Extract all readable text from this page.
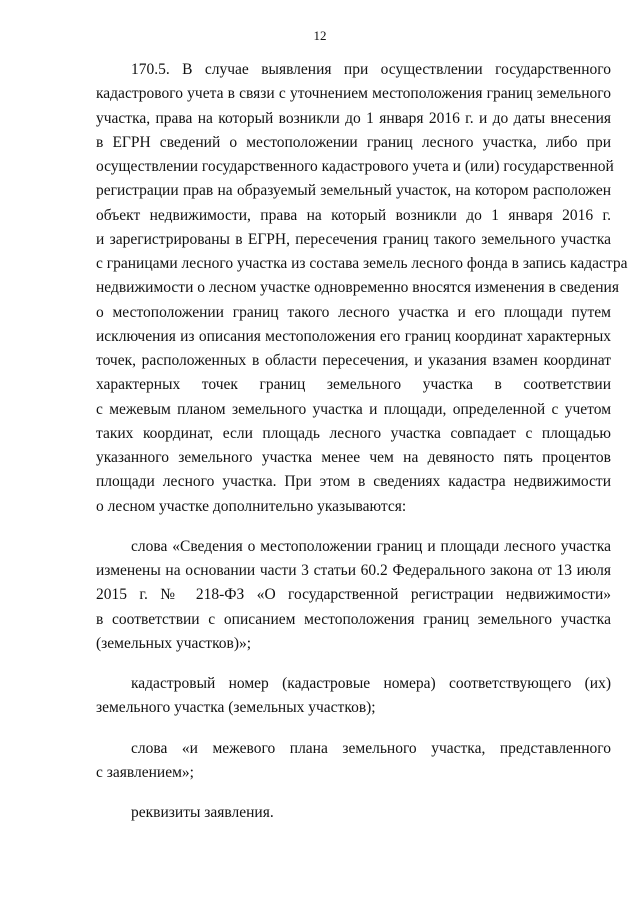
12
170.5. В случае выявления при осуществлении государственного
кадастрового учета в связи с уточнением местоположения границ земельного
участка, права на который возникли до 1 января 2016 г. и до даты внесения
в ЕГРН сведений о местоположении границ лесного участка, либо при
осуществлении государственного кадастрового учета и (или) государственной
регистрации прав на образуемый земельный участок, на котором расположен
объект недвижимости, права на который возникли до 1 января 2016 г.
и зарегистрированы в ЕГРН, пересечения границ такого земельного участка
с границами лесного участка из состава земель лесного фонда в запись кадастра
недвижимости о лесном участке одновременно вносятся изменения в сведения
о местоположении границ такого лесного участка и его площади путем
исключения из описания местоположения его границ координат характерных
точек, расположенных в области пересечения, и указания взамен координат
характерных точек границ земельного участка в соответствии
с межевым планом земельного участка и площади, определенной с учетом
таких координат, если площадь лесного участка совпадает с площадью
указанного земельного участка менее чем на девяносто пять процентов
площади лесного участка. При этом в сведениях кадастра недвижимости
о лесном участке дополнительно указываются:
слова «Сведения о местоположении границ и площади лесного участка
изменены на основании части 3 статьи 60.2 Федерального закона от 13 июля
2015 г. № 218-ФЗ «О государственной регистрации недвижимости»
в соответствии с описанием местоположения границ земельного участка
(земельных участков)»;
кадастровый номер (кадастровые номера) соответствующего (их)
земельного участка (земельных участков);
слова «и межевого плана земельного участка, представленного
с заявлением»;
реквизиты заявления.
